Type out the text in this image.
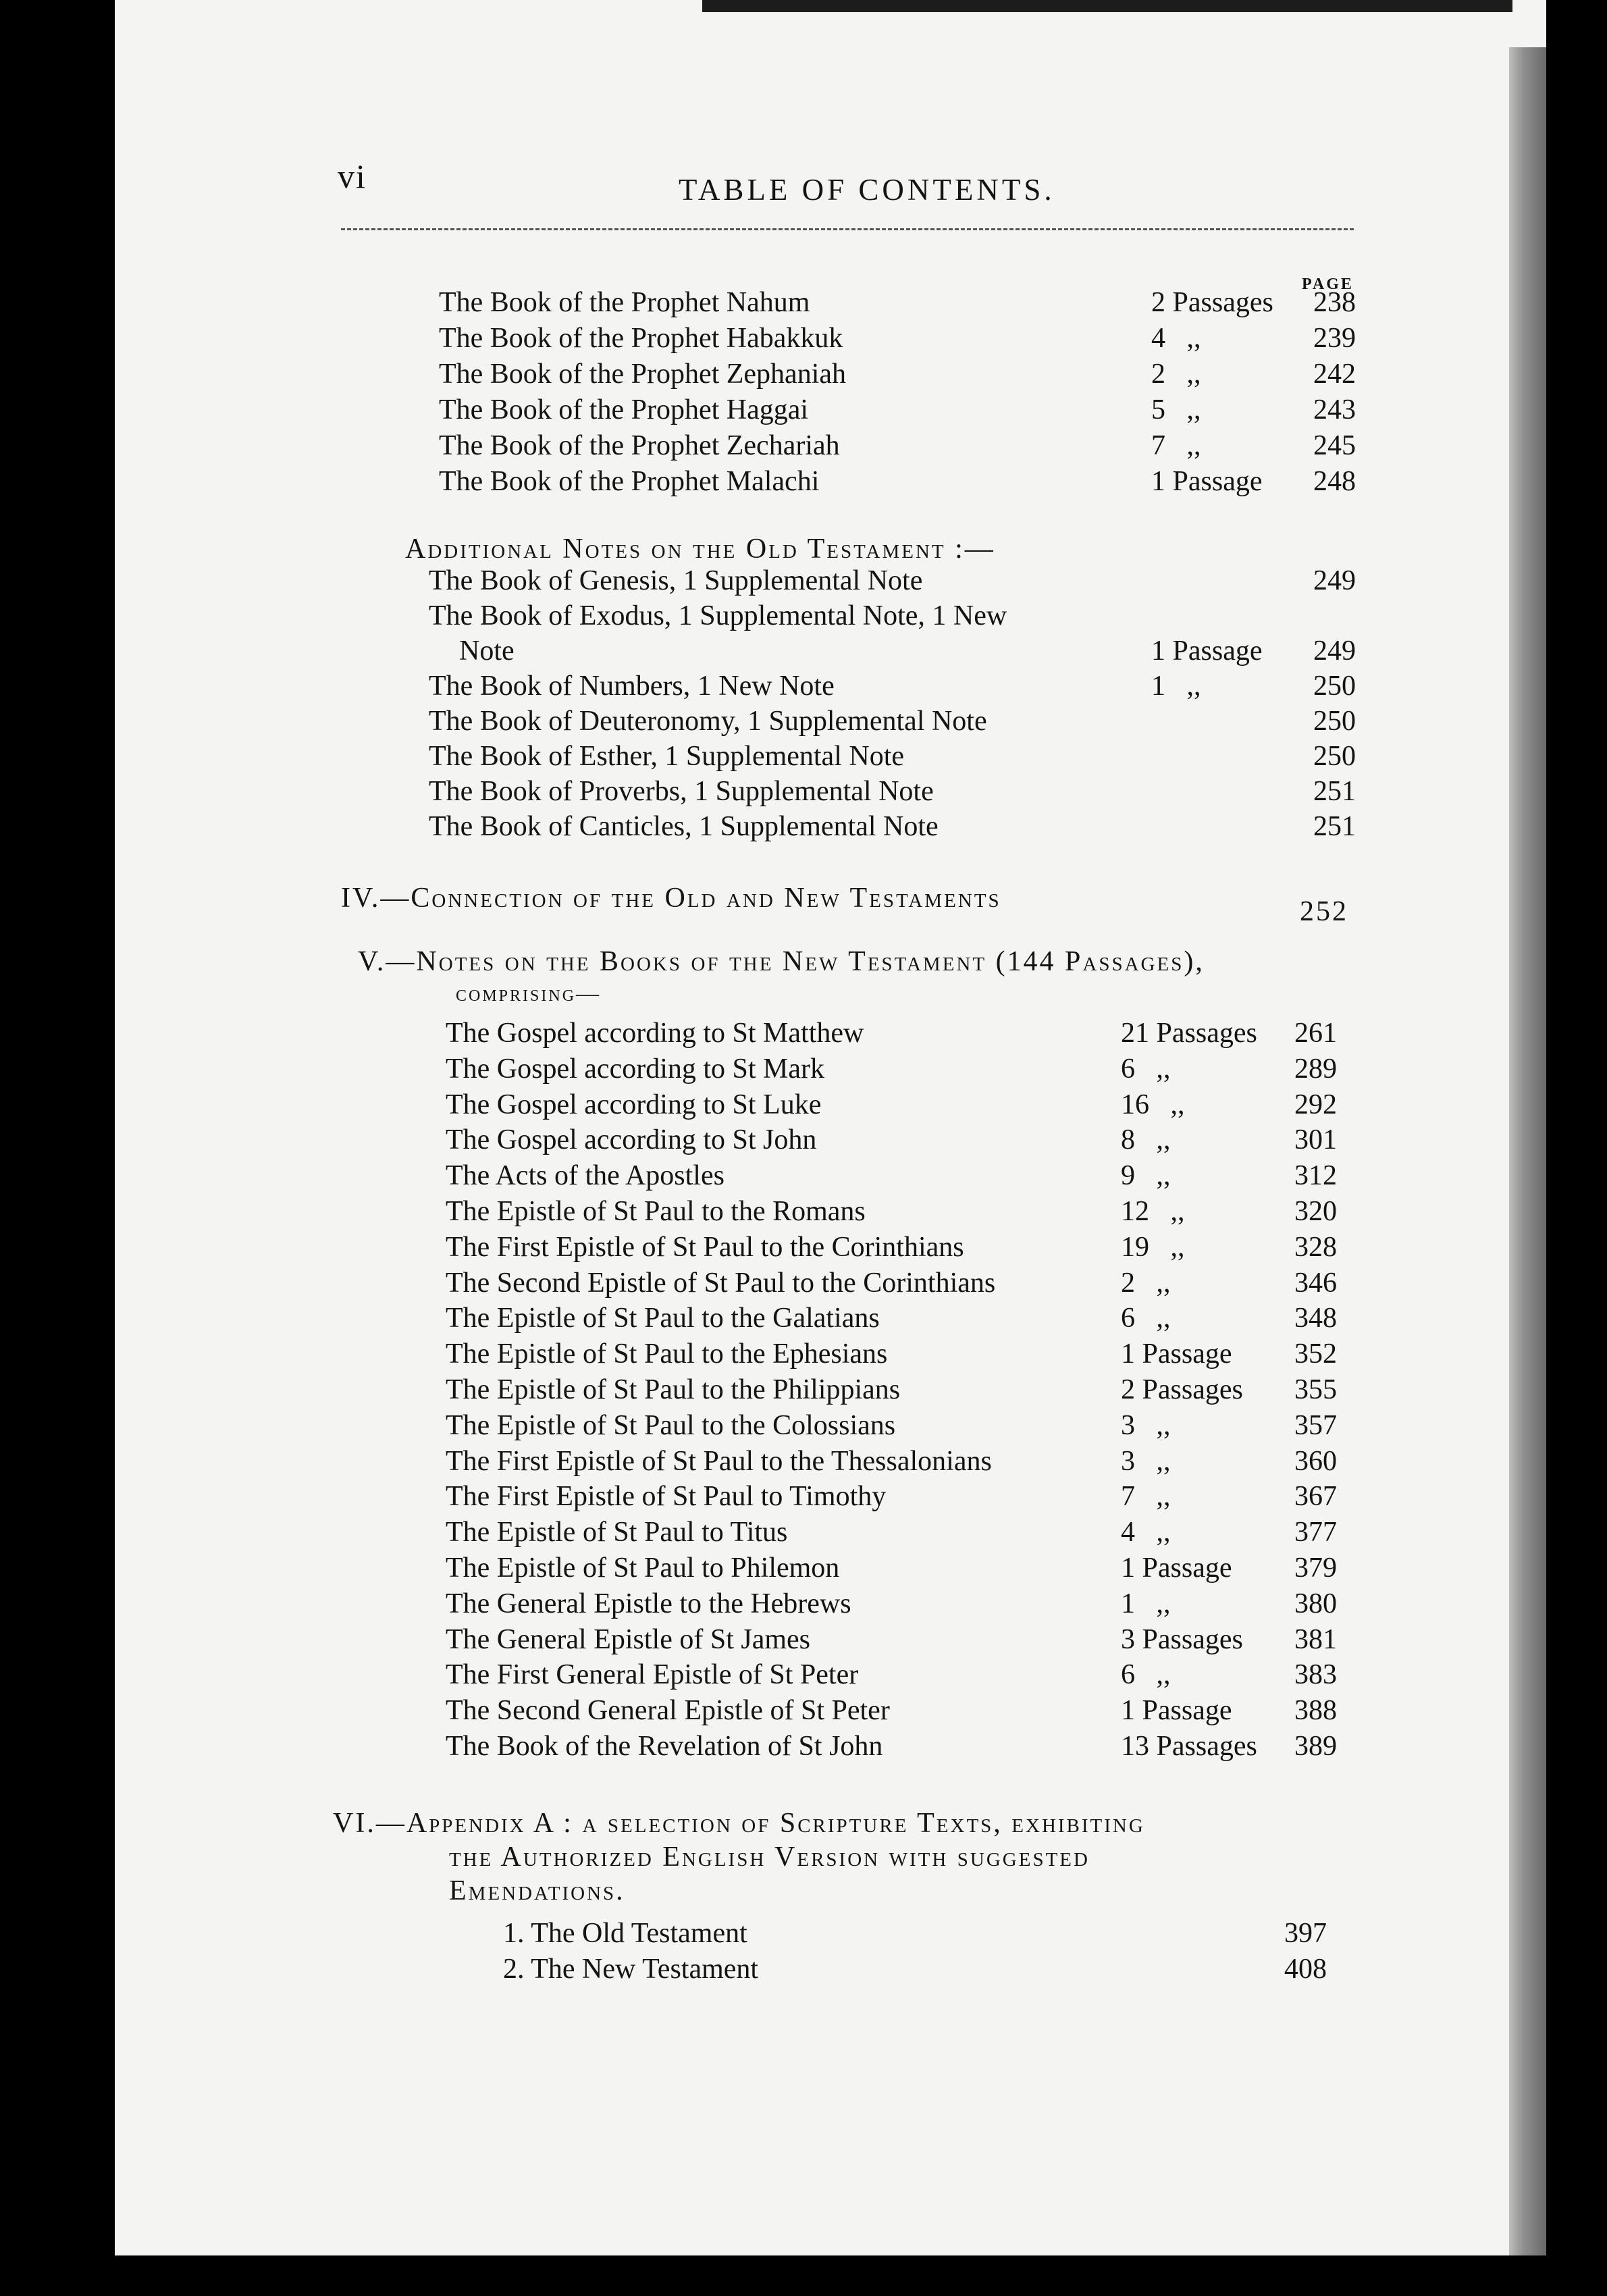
vi	TABLE OF CONTENTS.
PAGE
The Book of the Prophet Nahum	2 Passages	238
The Book of the Prophet Habakkuk	4   ,,	239
The Book of the Prophet Zephaniah	2   ,,	242
The Book of the Prophet Haggai	5   ,,	243
The Book of the Prophet Zechariah	7   ,,	245
The Book of the Prophet Malachi	1 Passage	248
Additional Notes on the Old Testament :—
The Book of Genesis, 1 Supplemental Note	249
The Book of Exodus, 1 Supplemental Note, 1 New
Note	1 Passage	249
The Book of Numbers, 1 New Note	1   ,,	250
The Book of Deuteronomy, 1 Supplemental Note	250
The Book of Esther, 1 Supplemental Note	250
The Book of Proverbs, 1 Supplemental Note	251
The Book of Canticles, 1 Supplemental Note	251
IV.—Connection of the Old and New Testaments	252
V.—Notes on the Books of the New Testament (144 Passages),
comprising—
The Gospel according to St Matthew	21 Passages	261
The Gospel according to St Mark	6   ,,	289
The Gospel according to St Luke	16   ,,	292
The Gospel according to St John	8   ,,	301
The Acts of the Apostles	9   ,,	312
The Epistle of St Paul to the Romans	12   ,,	320
The First Epistle of St Paul to the Corinthians	19   ,,	328
The Second Epistle of St Paul to the Corinthians	2   ,,	346
The Epistle of St Paul to the Galatians	6   ,,	348
The Epistle of St Paul to the Ephesians	1 Passage	352
The Epistle of St Paul to the Philippians	2 Passages	355
The Epistle of St Paul to the Colossians	3   ,,	357
The First Epistle of St Paul to the Thessalonians	3   ,,	360
The First Epistle of St Paul to Timothy	7   ,,	367
The Epistle of St Paul to Titus	4   ,,	377
The Epistle of St Paul to Philemon	1 Passage	379
The General Epistle to the Hebrews	1   ,,	380
The General Epistle of St James	3 Passages	381
The First General Epistle of St Peter	6   ,,	383
The Second General Epistle of St Peter	1 Passage	388
The Book of the Revelation of St John	13 Passages	389
VI.—Appendix A : a selection of Scripture Texts, exhibiting
the Authorized English Version with suggested
Emendations.
1. The Old Testament	397
2. The New Testament	408
